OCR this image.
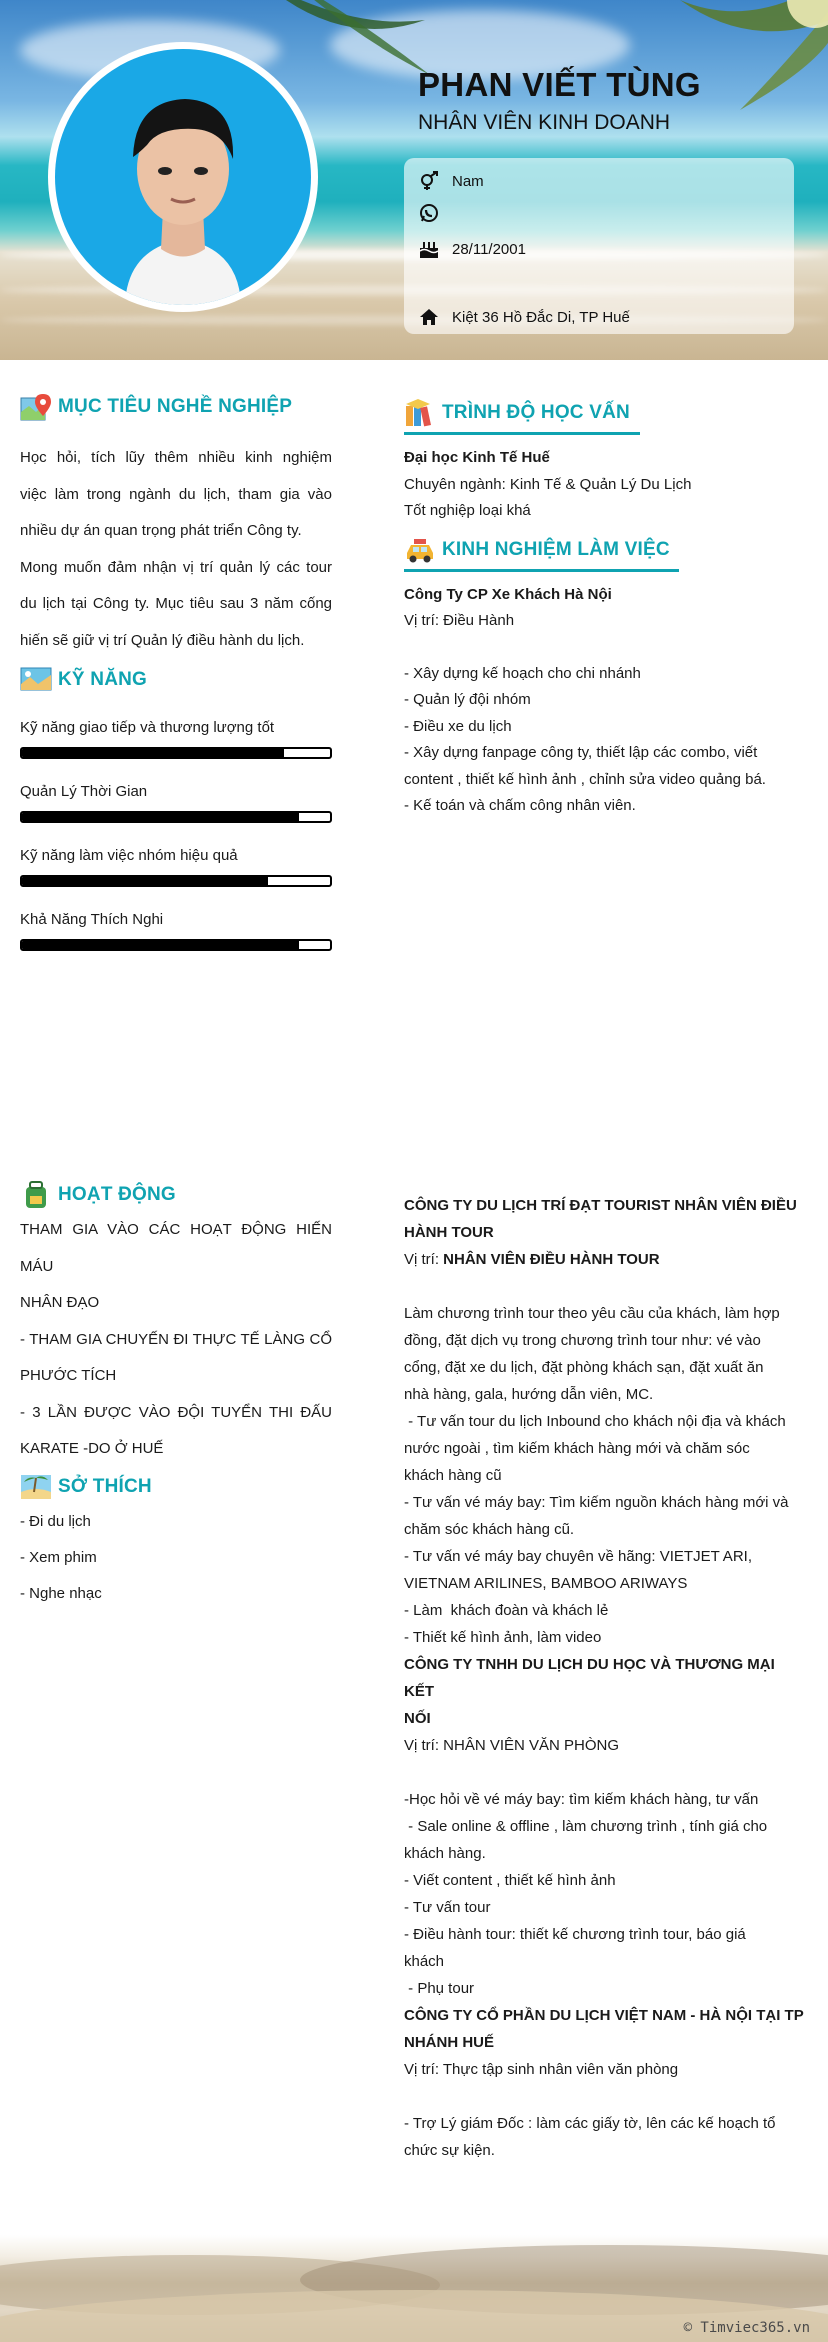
PHAN VIẾT TÙNG
NHÂN VIÊN KINH DOANH
Nam
28/11/2001
Kiệt 36 Hồ Đắc Di, TP Huế
MỤC TIÊU NGHỀ NGHIỆP
Học hỏi, tích lũy thêm nhiều kinh nghiệm
việc làm trong ngành du lịch, tham gia vào
nhiều dự án quan trọng phát triển Công ty.
Mong muốn đảm nhận vị trí quản lý các tour
du lịch tại Công ty. Mục tiêu sau 3 năm cống
hiến sẽ giữ vị trí Quản lý điều hành du lịch.
KỸ NĂNG
Kỹ năng giao tiếp và thương lượng tốt
Quản Lý Thời Gian
Kỹ năng làm việc nhóm hiệu quả
Khả Năng Thích Nghi
TRÌNH ĐỘ HỌC VẤN
Đại học Kinh Tế Huế
Chuyên ngành: Kinh Tế & Quản Lý Du Lịch
Tốt nghiệp loại khá
KINH NGHIỆM LÀM VIỆC
Công Ty CP Xe Khách Hà Nội
Vị trí: Điều Hành
- Xây dựng kế hoạch cho chi nhánh
- Quản lý đội nhóm
- Điều xe du lịch
- Xây dựng fanpage công ty, thiết lập các combo, viết
content , thiết kế hình ảnh , chỉnh sửa video quảng bá.
- Kế toán và chấm công nhân viên.
HOẠT ĐỘNG
THAM GIA VÀO CÁC HOẠT ĐỘNG HIẾN MÁU
NHÂN ĐẠO
- THAM GIA CHUYẾN ĐI THỰC TẾ LÀNG CỔ
PHƯỚC TÍCH
- 3 LẦN ĐƯỢC VÀO ĐỘI TUYỂN THI ĐẤU
KARATE -DO Ở HUẾ
SỞ THÍCH
- Đi du lịch
- Xem phim
- Nghe nhạc
CÔNG TY DU LỊCH TRÍ ĐẠT TOURIST NHÂN VIÊN ĐIỀU
HÀNH TOUR
Vị trí: NHÂN VIÊN ĐIỀU HÀNH TOUR
Làm chương trình tour theo yêu cầu của khách, làm hợp
đồng, đặt dịch vụ trong chương trình tour như: vé vào
cổng, đặt xe du lịch, đặt phòng khách sạn, đặt xuất ăn
nhà hàng, gala, hướng dẫn viên, MC.
- Tư vấn tour du lịch Inbound cho khách nội địa và khách
nước ngoài , tìm kiếm khách hàng mới và chăm sóc
khách hàng cũ
- Tư vấn vé máy bay: Tìm kiếm nguồn khách hàng mới và
chăm sóc khách hàng cũ.
- Tư vấn vé máy bay chuyên về hãng: VIETJET ARI,
VIETNAM ARILINES, BAMBOO ARIWAYS
- Làm  khách đoàn và khách lẻ
- Thiết kế hình ảnh, làm video
CÔNG TY TNHH DU LỊCH DU HỌC VÀ THƯƠNG MẠI KẾT
NỐI
Vị trí: NHÂN VIÊN VĂN PHÒNG
-Học hỏi về vé máy bay: tìm kiếm khách hàng, tư vấn
- Sale online & offline , làm chương trình , tính giá cho
khách hàng.
- Viết content , thiết kế hình ảnh
- Tư vấn tour
- Điều hành tour: thiết kế chương trình tour, báo giá
khách
- Phụ tour
CÔNG TY CỔ PHẦN DU LỊCH VIỆT NAM - HÀ NỘI TẠI TP
NHÁNH HUẾ
Vị trí: Thực tập sinh nhân viên văn phòng
- Trợ Lý giám Đốc : làm các giấy tờ, lên các kế hoạch tổ
chức sự kiện.
© Timviec365.vn
